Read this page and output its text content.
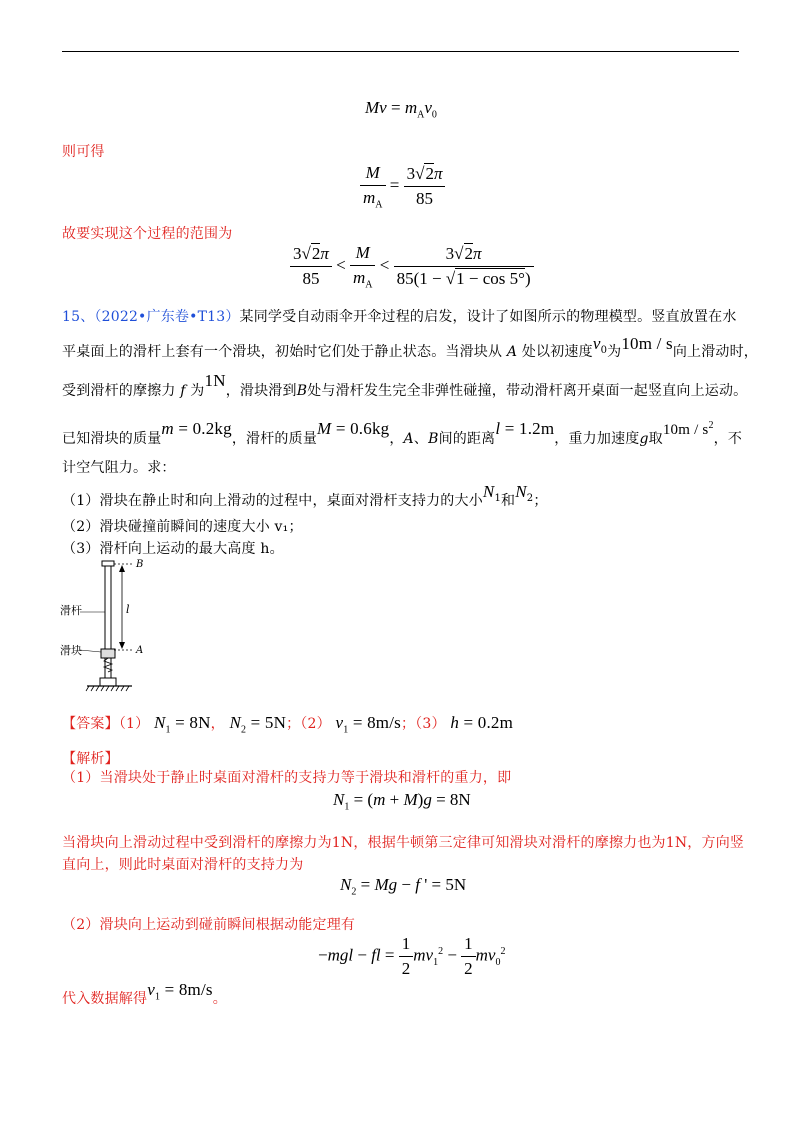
$Mv = m_Av_0$
则可得
$\frac{M}{m_A} = \frac{3√2\pi}{85}$
故要实现这个过程的范围为
$\frac{3√2\pi}{85} < \frac{M}{m_A} < \frac{3√2\pi}{85(1 - √1 - \cos 5^\circ)}$
15、（2022•广东卷•T13）某同学受自动雨伞开伞过程的启发，设计了如图所示的物理模型。竖直放置在水
平桌面上的滑杆上套有一个滑块，初始时它们处于静止状态。当滑块从 A 处以初速度$v_0$为10m / s向上滑动时，
受到滑杆的摩擦力 f 为1N，滑块滑到B处与滑杆发生完全非弹性碰撞，带动滑杆离开桌面一起竖直向上运动。
已知滑块的质量m = 0.2kg，滑杆的质量M = 0.6kg，A、B间的距离l = 1.2m，重力加速度g取$10m / s^2$，不
计空气阻力。求：
（1）滑块在静止时和向上滑动的过程中，桌面对滑杆支持力的大小$N_1$和$N_2$；
（2）滑块碰撞前瞬间的速度大小 v₁；
（3）滑杆向上运动的最大高度 h。
B
A
l
滑杆
滑块
【答案】（1） $N_1 = 8N$， $N_2 = 5N$；（2） $v_1 = 8m/s$；（3） h = 0.2m
【解析】
（1）当滑块处于静止时桌面对滑杆的支持力等于滑块和滑杆的重力，即
$N_1 = (m + M)g = 8N$
当滑块向上滑动过程中受到滑杆的摩擦力为1N，根据牛顿第三定律可知滑块对滑杆的摩擦力也为1N，方向竖
直向上，则此时桌面对滑杆的支持力为
$N_2 = Mg - f$ ' = 5N
（2）滑块向上运动到碰前瞬间根据动能定理有
−mgl − fl = $\frac{1}{2} mv_1^2 - \frac{1}{2} mv_0^2$
代入数据解得$v_1 = 8m/s$。
